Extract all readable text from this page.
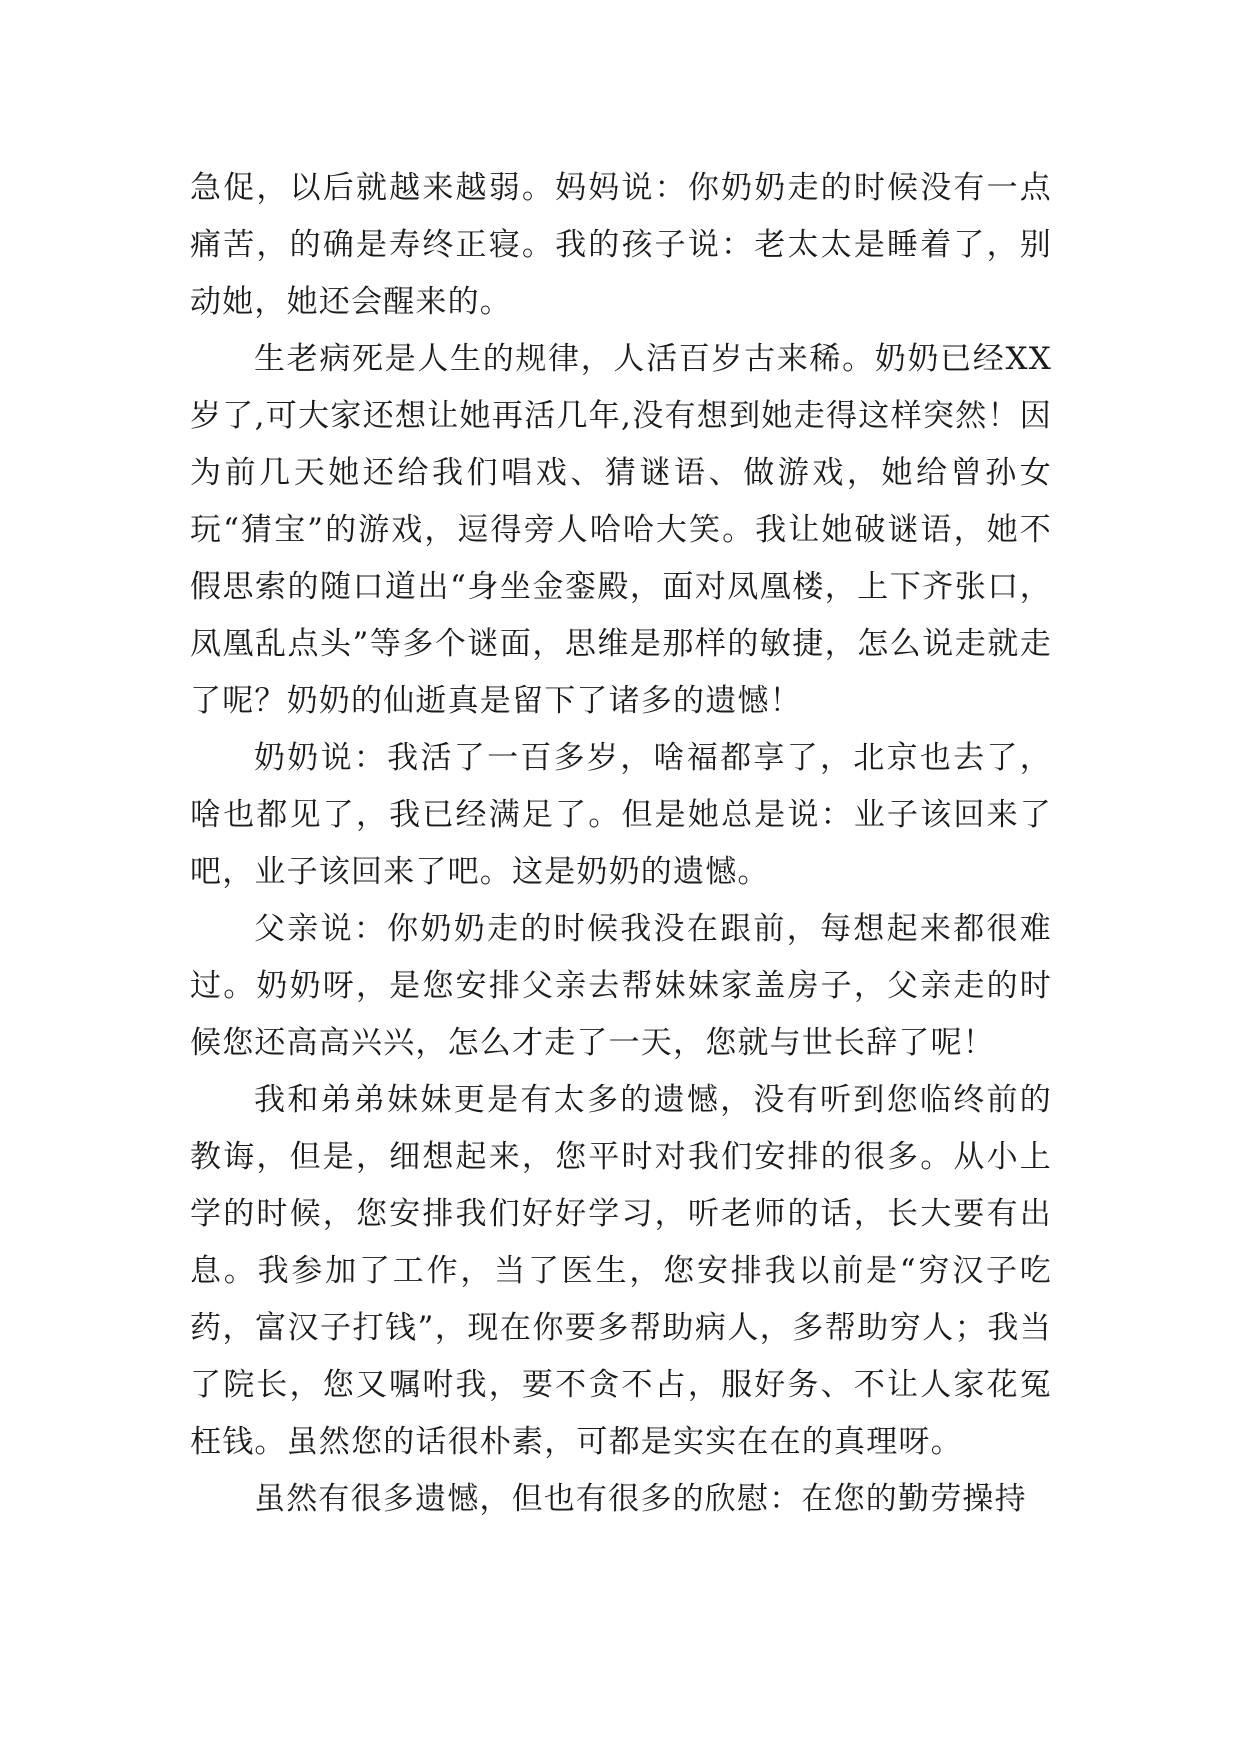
急促，以后就越来越弱。妈妈说：你奶奶走的时候没有一点痛苦，的确是寿终正寝。我的孩子说：老太太是睡着了，别动她，她还会醒来的。

生老病死是人生的规律，人活百岁古来稀。奶奶已经XX岁了,可大家还想让她再活几年,没有想到她走得这样突然！因为前几天她还给我们唱戏、猜谜语、做游戏，她给曾孙女玩“猜宝”的游戏，逗得旁人哈哈大笑。我让她破谜语，她不假思索的随口道出“身坐金銮殿，面对凤凰楼，上下齐张口，凤凰乱点头”等多个谜面，思维是那样的敏捷，怎么说走就走了呢？奶奶的仙逝真是留下了诸多的遗憾！

奶奶说：我活了一百多岁，啥福都享了，北京也去了，啥也都见了，我已经满足了。但是她总是说：业子该回来了吧，业子该回来了吧。这是奶奶的遗憾。

父亲说：你奶奶走的时候我没在跟前，每想起来都很难过。奶奶呀，是您安排父亲去帮妹妹家盖房子，父亲走的时候您还高高兴兴，怎么才走了一天，您就与世长辞了呢！

我和弟弟妹妹更是有太多的遗憾，没有听到您临终前的教诲，但是，细想起来，您平时对我们安排的很多。从小上学的时候，您安排我们好好学习，听老师的话，长大要有出息。我参加了工作，当了医生，您安排我以前是“穷汉子吃药，富汉子打钱”，现在你要多帮助病人，多帮助穷人；我当了院长，您又嘱咐我，要不贪不占，服好务、不让人家花冤枉钱。虽然您的话很朴素，可都是实实在在的真理呀。

虽然有很多遗憾，但也有很多的欣慰：在您的勤劳操持
